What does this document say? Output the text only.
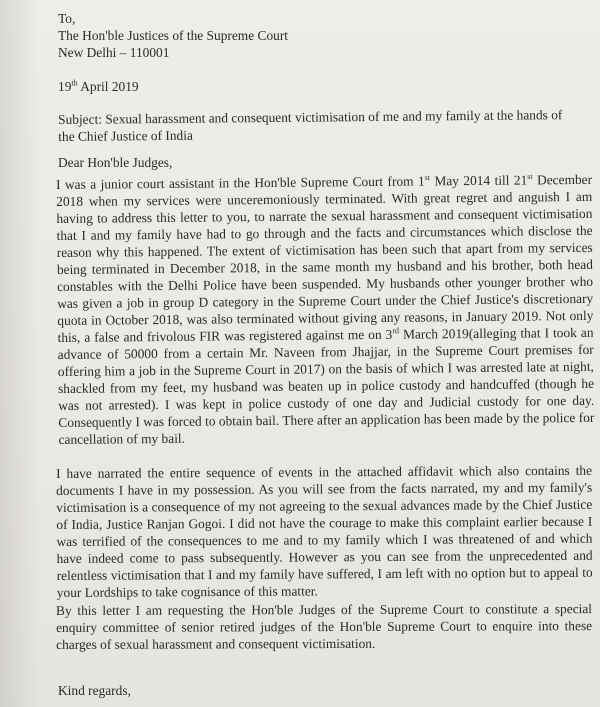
To,
The Hon'ble Justices of the Supreme Court
New Delhi – 110001
19th April 2019
Subject: Sexual harassment and consequent victimisation of me and my family at the hands of the Chief Justice of India
Dear Hon'ble Judges,
I was a junior court assistant in the Hon'ble Supreme Court from 1st May 2014 till 21st December 2018 when my services were unceremoniously terminated. With great regret and anguish I am having to address this letter to you, to narrate the sexual harassment and consequent victimisation that I and my family have had to go through and the facts and circumstances which disclose the reason why this happened. The extent of victimisation has been such that apart from my services being terminated in December 2018, in the same month my husband and his brother, both head constables with the Delhi Police have been suspended. My husbands other younger brother who was given a job in group D category in the Supreme Court under the Chief Justice's discretionary quota in October 2018, was also terminated without giving any reasons, in January 2019. Not only this, a false and frivolous FIR was registered against me on 3rd March 2019(alleging that I took an advance of 50000 from a certain Mr. Naveen from Jhajjar, in the Supreme Court premises for offering him a job in the Supreme Court in 2017) on the basis of which I was arrested late at night, shackled from my feet, my husband was beaten up in police custody and handcuffed (though he was not arrested). I was kept in police custody of one day and Judicial custody for one day. Consequently I was forced to obtain bail. There after an application has been made by the police for cancellation of my bail.
I have narrated the entire sequence of events in the attached affidavit which also contains the documents I have in my possession. As you will see from the facts narrated, my and my family's victimisation is a consequence of my not agreeing to the sexual advances made by the Chief Justice of India, Justice Ranjan Gogoi. I did not have the courage to make this complaint earlier because I was terrified of the consequences to me and to my family which I was threatened of and which have indeed come to pass subsequently. However as you can see from the unprecedented and relentless victimisation that I and my family have suffered, I am left with no option but to appeal to your Lordships to take cognisance of this matter.
By this letter I am requesting the Hon'ble Judges of the Supreme Court to constitute a special enquiry committee of senior retired judges of the Hon'ble Supreme Court to enquire into these charges of sexual harassment and consequent victimisation.
Kind regards,
